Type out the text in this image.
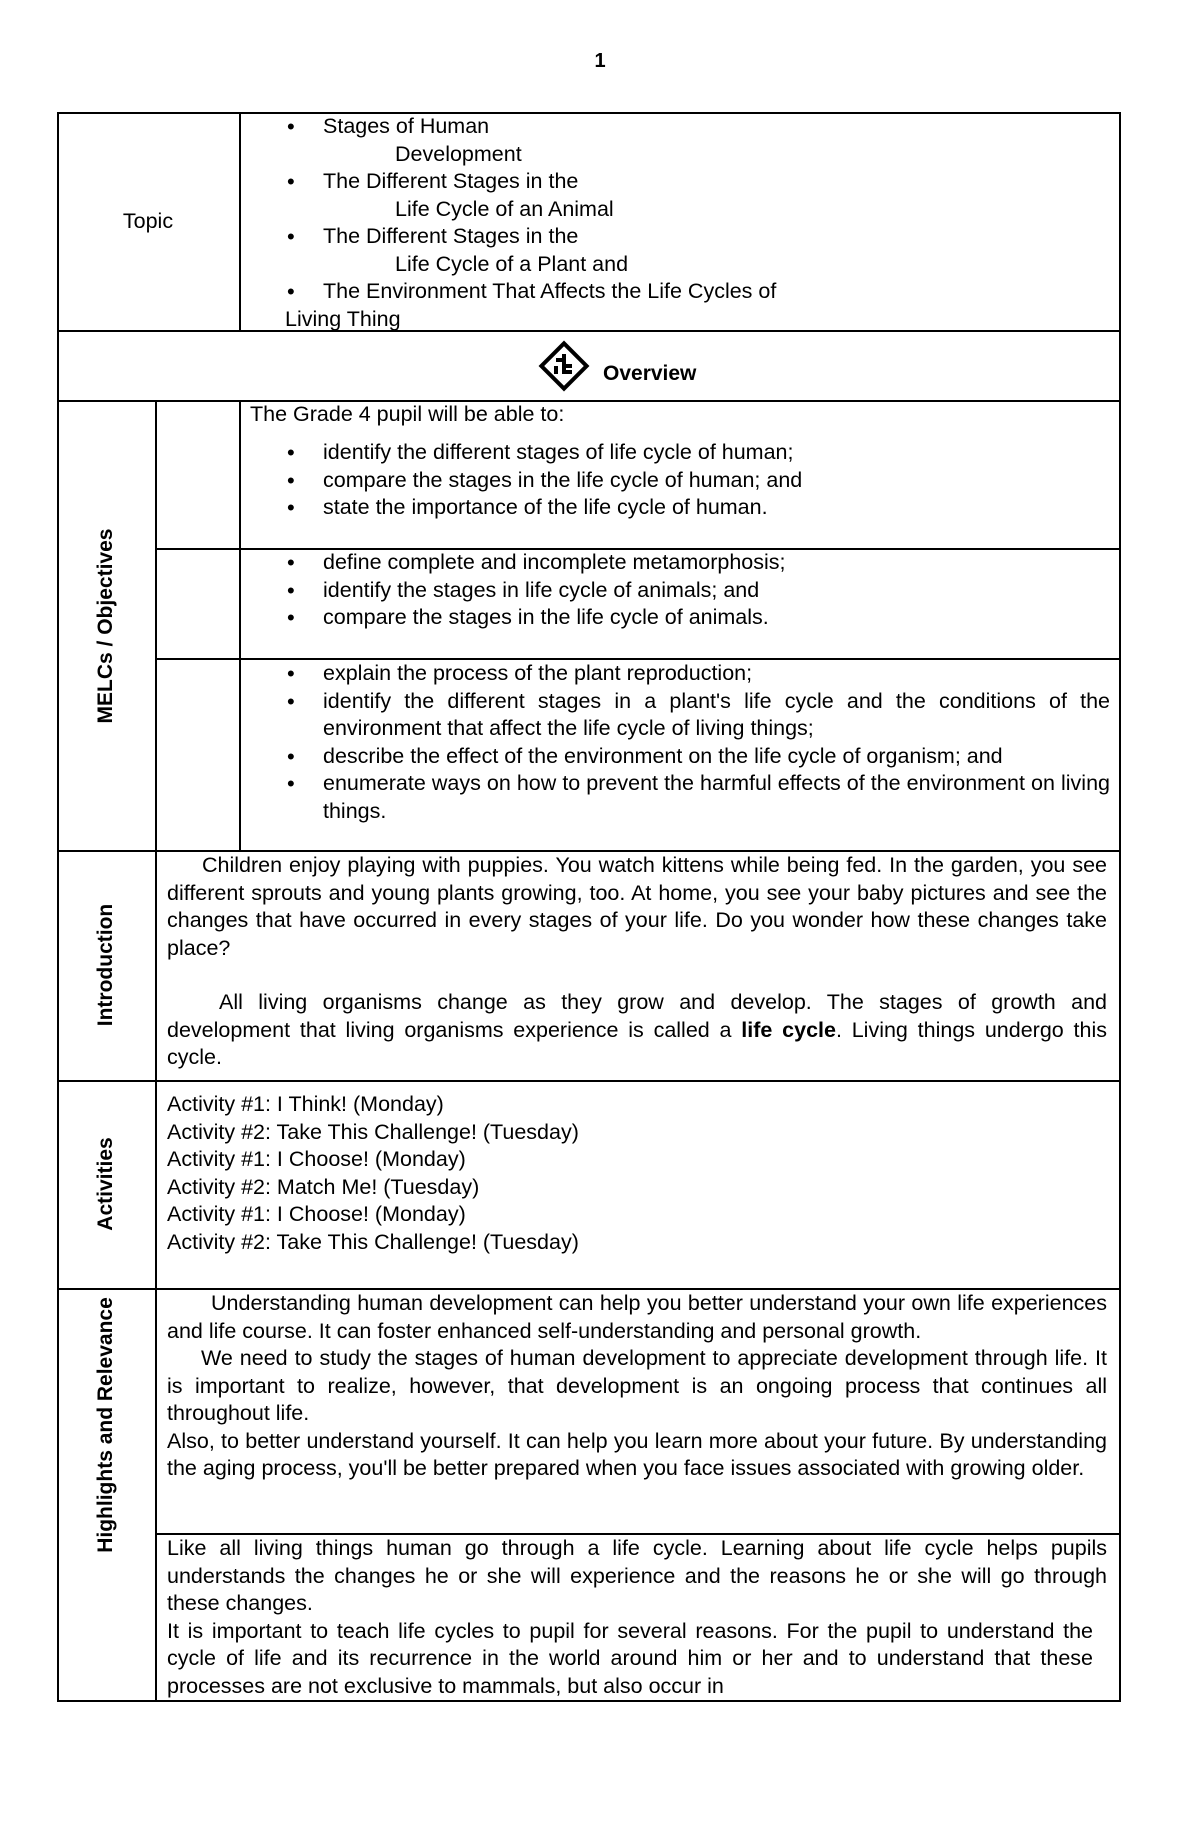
1
Topic
• Stages of Human
Development
• The Different Stages in the
Life Cycle of an Animal
• The Different Stages in the
Life Cycle of a Plant and
• The Environment That Affects the Life Cycles of
Living Thing
Overview
MELCs / Objectives
The Grade 4 pupil will be able to:
• identify the different stages of life cycle of human;
• compare the stages in the life cycle of human; and
• state the importance of the life cycle of human.
• define complete and incomplete metamorphosis;
• identify the stages in life cycle of animals; and
• compare the stages in the life cycle of animals.
• explain the process of the plant reproduction;
• identify the different stages in a plant's life cycle and the conditions of the environment that affect the life cycle of living things;
• describe the effect of the environment on the life cycle of organism; and
• enumerate ways on how to prevent the harmful effects of the environment on living things.
Introduction

Children enjoy playing with puppies. You watch kittens while being fed. In the garden, you see different sprouts and young plants growing, too. At home, you see your baby pictures and see the changes that have occurred in every stages of your life. Do you wonder how these changes take place?

All living organisms change as they grow and develop. The stages of growth and development that living organisms experience is called a life cycle. Living things undergo this cycle.

Activities
Activity #1: I Think! (Monday)
Activity #2: Take This Challenge! (Tuesday)
Activity #1: I Choose! (Monday)
Activity #2: Match Me! (Tuesday)
Activity #1: I Choose! (Monday)
Activity #2: Take This Challenge! (Tuesday)
Highlights and Relevance	Understanding human development can help you better understand your own life experiences and life course. It can foster enhanced self-understanding and personal growth.

We need to study the stages of human development to appreciate development through life. It is important to realize, however, that development is an ongoing process that continues all throughout life.

Also, to better understand yourself. It can help you learn more about your future. By understanding the aging process, you'll be better prepared when you face issues associated with growing older.

Like all living things human go through a life cycle. Learning about life cycle helps pupils understands the changes he or she will experience and the reasons he or she will go through these changes.

It is important to teach life cycles to pupil for several reasons. For the pupil to understand the cycle of life and its recurrence in the world around him or her and to understand that these processes are not exclusive to mammals, but also occur in
